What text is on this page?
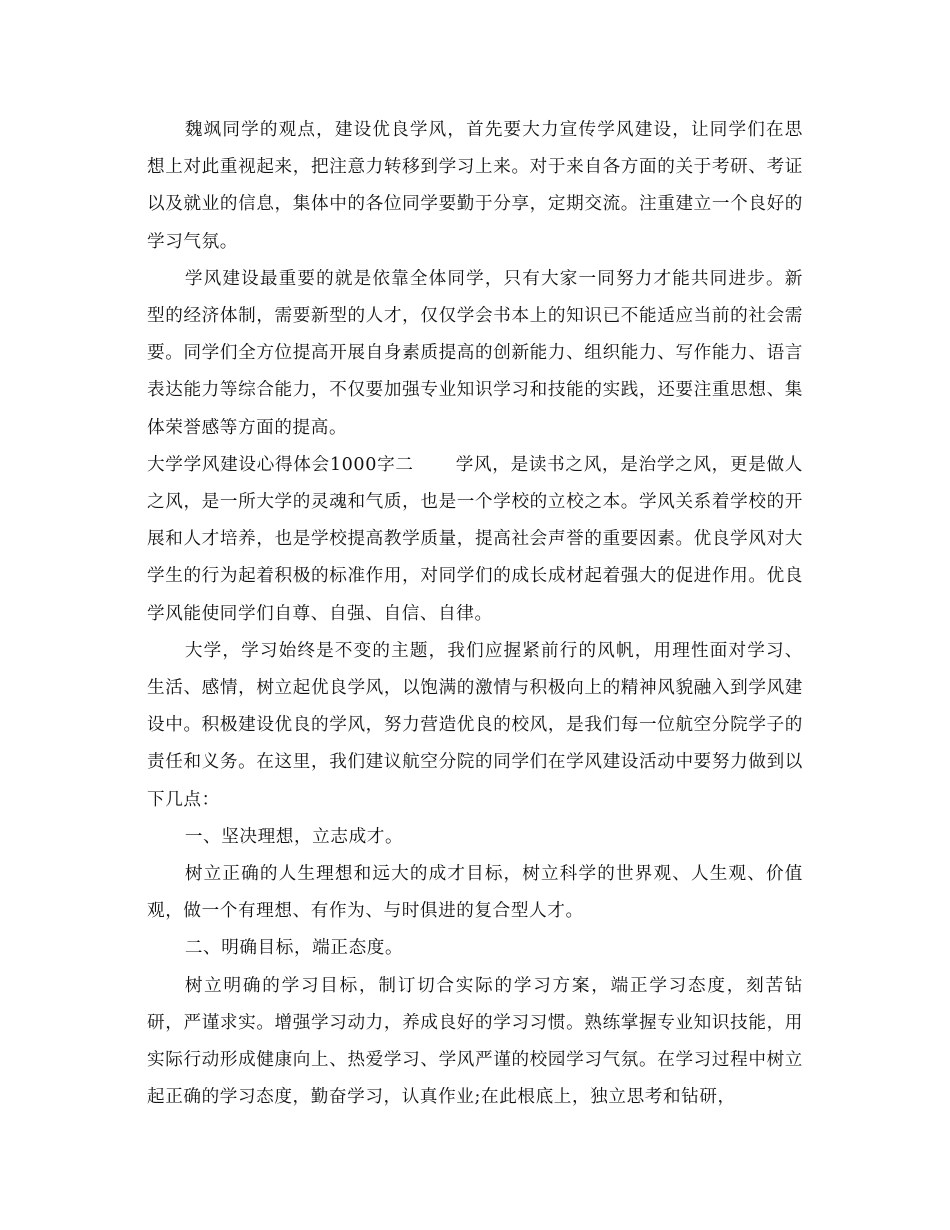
魏飒同学的观点，建设优良学风，首先要大力宣传学风建设，让同学们在思想上对此重视起来，把注意力转移到学习上来。对于来自各方面的关于考研、考证以及就业的信息，集体中的各位同学要勤于分享，定期交流。注重建立一个良好的学习气氛。

学风建设最重要的就是依靠全体同学，只有大家一同努力才能共同进步。新型的经济体制，需要新型的人才，仅仅学会书本上的知识已不能适应当前的社会需要。同学们全方位提高开展自身素质提高的创新能力、组织能力、写作能力、语言表达能力等综合能力，不仅要加强专业知识学习和技能的实践，还要注重思想、集体荣誉感等方面的提高。

大学学风建设心得体会1000字二 学风，是读书之风，是治学之风，更是做人之风，是一所大学的灵魂和气质，也是一个学校的立校之本。学风关系着学校的开展和人才培养，也是学校提高教学质量，提高社会声誉的重要因素。优良学风对大学生的行为起着积极的标准作用，对同学们的成长成材起着强大的促进作用。优良学风能使同学们自尊、自强、自信、自律。

大学，学习始终是不变的主题，我们应握紧前行的风帆，用理性面对学习、生活、感情，树立起优良学风，以饱满的激情与积极向上的精神风貌融入到学风建设中。积极建设优良的学风，努力营造优良的校风，是我们每一位航空分院学子的责任和义务。在这里，我们建议航空分院的同学们在学风建设活动中要努力做到以下几点：

一、坚决理想，立志成才。

树立正确的人生理想和远大的成才目标，树立科学的世界观、人生观、价值观，做一个有理想、有作为、与时俱进的复合型人才。

二、明确目标，端正态度。

树立明确的学习目标，制订切合实际的学习方案，端正学习态度，刻苦钻研，严谨求实。增强学习动力，养成良好的学习习惯。熟练掌握专业知识技能，用实际行动形成健康向上、热爱学习、学风严谨的校园学习气氛。在学习过程中树立起正确的学习态度，勤奋学习，认真作业;在此根底上，独立思考和钻研，
